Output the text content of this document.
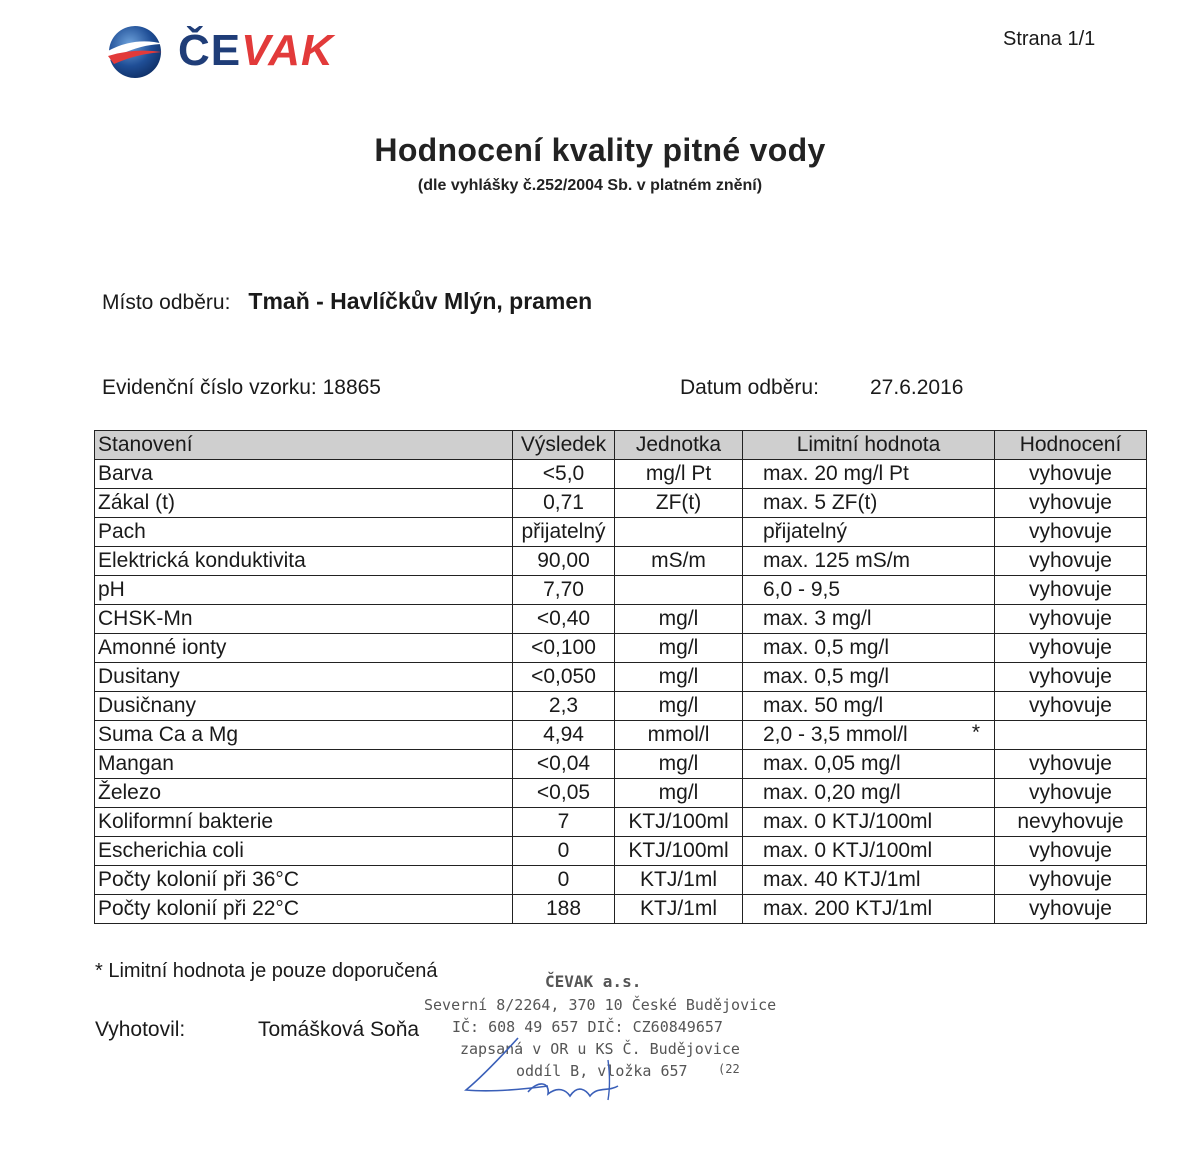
ČEVAK	Strana 1/1
Hodnocení kvality pitné vody
(dle vyhlášky č.252/2004 Sb. v platném znění)
Místo odběru: Tmaň - Havlíčkův Mlýn, pramen
Evidenční číslo vzorku: 18865	Datum odběru: 27.6.2016
Stanovení	Výsledek	Jednotka	Limitní hodnota	Hodnocení
Barva	<5,0	mg/l Pt	max. 20 mg/l Pt	vyhovuje
Zákal (t)	0,71	ZF(t)	max. 5 ZF(t)	vyhovuje
Pach	přijatelný		přijatelný	vyhovuje
Elektrická konduktivita	90,00	mS/m	max. 125 mS/m	vyhovuje
pH	7,70		6,0 - 9,5	vyhovuje
CHSK-Mn	<0,40	mg/l	max. 3 mg/l	vyhovuje
Amonné ionty	<0,100	mg/l	max. 0,5 mg/l	vyhovuje
Dusitany	<0,050	mg/l	max. 0,5 mg/l	vyhovuje
Dusičnany	2,3	mg/l	max. 50 mg/l	vyhovuje
Suma Ca a Mg	4,94	mmol/l	2,0 - 3,5 mmol/l *	

Mangan	<0,04	mg/l	max. 0,05 mg/l	vyhovuje
Železo	<0,05	mg/l	max. 0,20 mg/l	vyhovuje
Koliformní bakterie	7	KTJ/100ml	max. 0 KTJ/100ml	nevyhovuje
Escherichia coli	0	KTJ/100ml	max. 0 KTJ/100ml	vyhovuje
Počty kolonií při 36°C	0	KTJ/1ml	max. 40 KTJ/1ml	vyhovuje
Počty kolonií při 22°C	188	KTJ/1ml	max. 200 KTJ/1ml	vyhovuje
* Limitní hodnota je pouze doporučená
Vyhotovil:	Tomášková Soňa
ČEVAK a.s.
Severní 8/2264, 370 10 České Budějovice
IČ: 608 49 657 DIČ: CZ60849657
zapsaná v OR u KS Č. Budějovice
oddíl B, vložka 657	(22
